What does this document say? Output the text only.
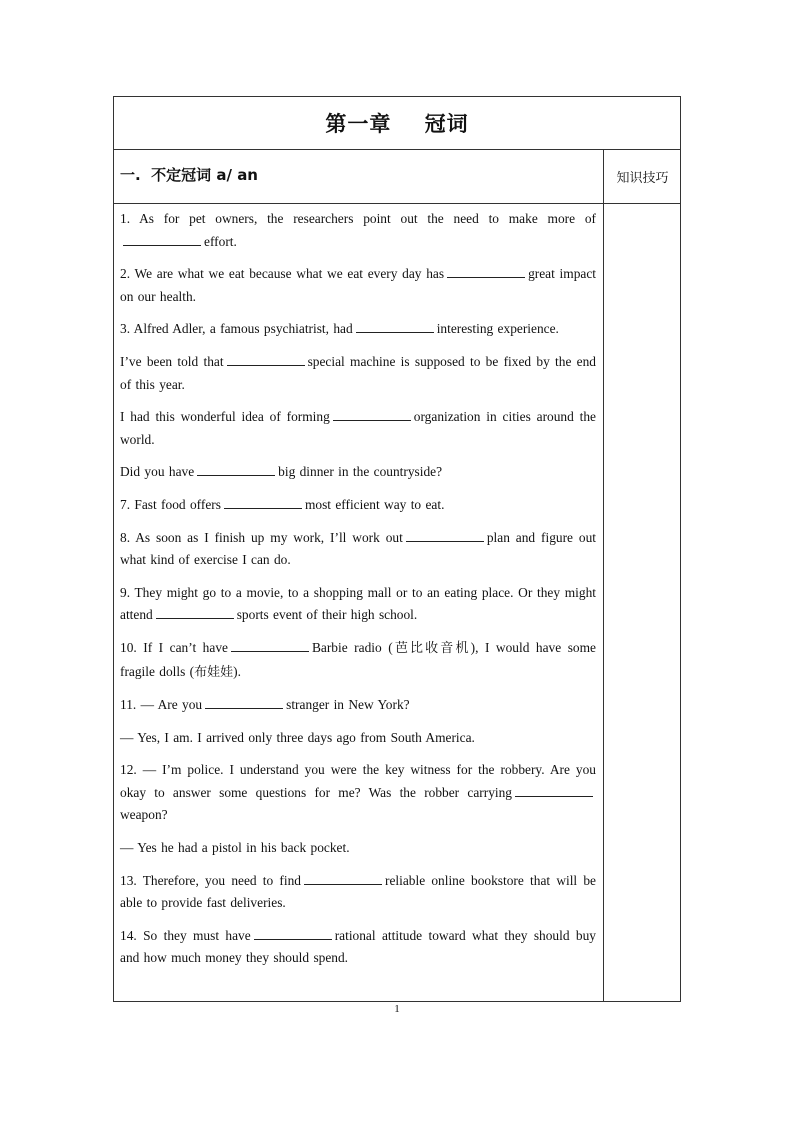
第一章    冠词
一.  不定冠词 a/ an	知识技巧

1. As for pet owners, the researchers point out the need to make more ofeffort.

2. We are what we eat because what we eat every day has	great impact on our health.

3. Alfred Adler, a famous psychiatrist, had	interesting experience.

I’ve been told that	special machine is supposed to be fixed by the end of this year.

I had this wonderful idea of forming	organization in cities around the world.

Did you have	big dinner in the countryside?

7. Fast food offers	most efficient way to eat.

8. As soon as I finish up my work, I’ll work out	plan and figure out what kind of exercise I can do.

9. They might go to a movie, to a shopping mall or to an eating place. Or they might attend	sports event of their high school.

10. If I can’t have	Barbie radio (芭比收音机), I would have some fragile dolls (布娃娃).

11. — Are you	stranger in New York?

— Yes, I am. I arrived only three days ago from South America.

12. — I’m police. I understand you were the key witness for the robbery. Are you okay to answer some questions for me? Was the robber carryingweapon?

— Yes he had a pistol in his back pocket.

13. Therefore, you need to find	reliable online bookstore that will be able to provide fast deliveries.

14. So they must have	rational attitude toward what they should buy and how much money they should spend.

1
